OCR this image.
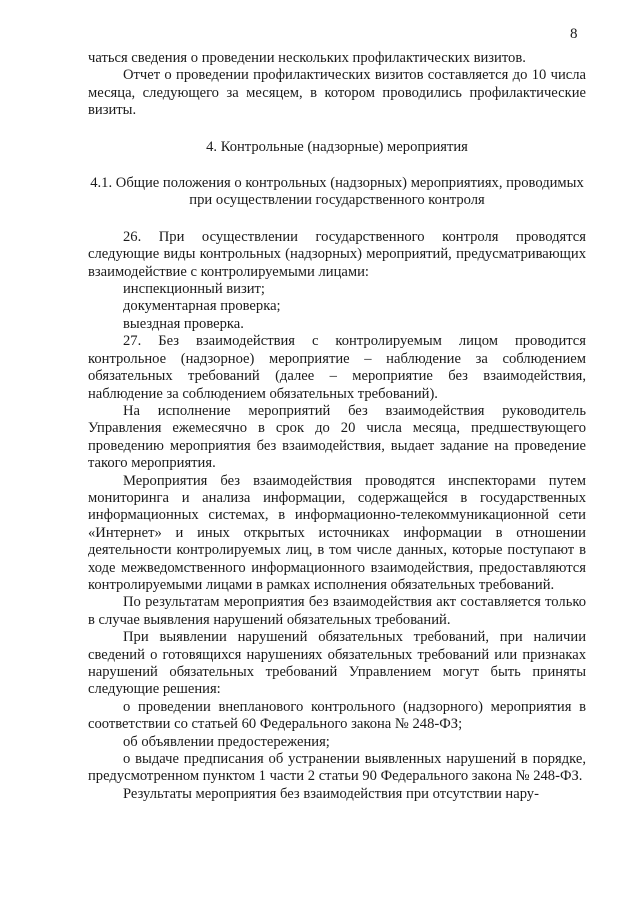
8

чаться сведения о проведении нескольких профилактических визитов.

Отчет о проведении профилактических визитов составляется до 10 числа месяца, следующего за месяцем, в котором проводились профилактические визиты.

4. Контрольные (надзорные) мероприятия

4.1. Общие положения о контрольных (надзорных) мероприятиях, проводимых при осуществлении государственного контроля

26. При осуществлении государственного контроля проводятся следующие виды контрольных (надзорных) мероприятий, предусматривающих взаимодействие с контролируемыми лицами:

инспекционный визит;

документарная проверка;

выездная проверка.

27. Без взаимодействия с контролируемым лицом проводится контрольное (надзорное) мероприятие – наблюдение за соблюдением обязательных требований (далее – мероприятие без взаимодействия, наблюдение за соблюдением обязательных требований).

На исполнение мероприятий без взаимодействия руководитель Управления ежемесячно в срок до 20 числа месяца, предшествующего проведению мероприятия без взаимодействия, выдает задание на проведение такого мероприятия.

Мероприятия без взаимодействия проводятся инспекторами путем мониторинга и анализа информации, содержащейся в государственных информационных системах, в информационно-телекоммуникационной сети «Интернет» и иных открытых источниках информации в отношении деятельности контролируемых лиц, в том числе данных, которые поступают в ходе межведомственного информационного взаимодействия, предоставляются контролируемыми лицами в рамках исполнения обязательных требований.

По результатам мероприятия без взаимодействия акт составляется только в случае выявления нарушений обязательных требований.

При выявлении нарушений обязательных требований, при наличии сведений о готовящихся нарушениях обязательных требований или признаках нарушений обязательных требований Управлением могут быть приняты следующие решения:

о проведении внепланового контрольного (надзорного) мероприятия в соответствии со статьей 60 Федерального закона № 248-ФЗ;

об объявлении предостережения;

о выдаче предписания об устранении выявленных нарушений в порядке, предусмотренном пунктом 1 части 2 статьи 90 Федерального закона № 248-ФЗ.

Результаты мероприятия без взаимодействия при отсутствии нару-
